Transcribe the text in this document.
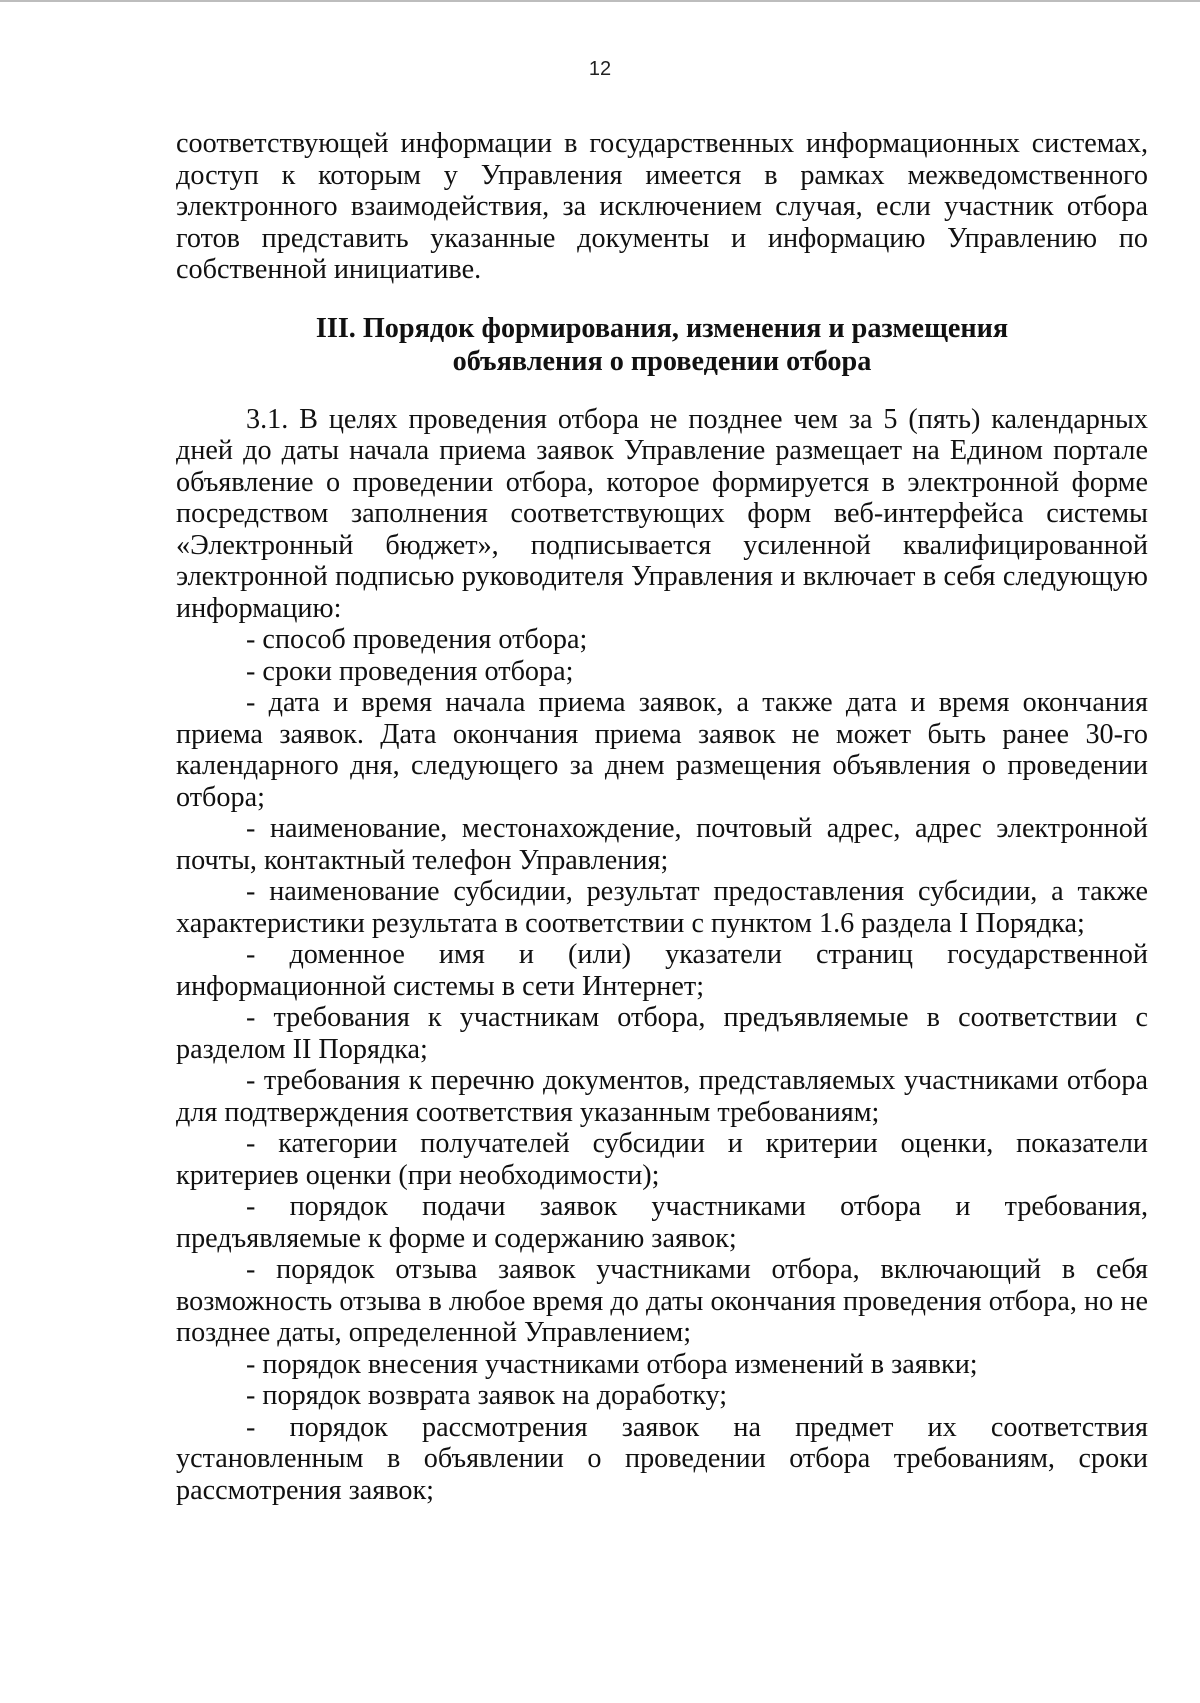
12

соответствующей информации в государственных информационных системах, доступ к которым у Управления имеется в рамках межведомственного электронного взаимодействия, за исключением случая, если участник отбора готов представить указанные документы и информацию Управлению по собственной инициативе.

III. Порядок формирования, изменения и размещения
объявления о проведении отбора

3.1. В целях проведения отбора не позднее чем за 5 (пять) календарных дней до даты начала приема заявок Управление размещает на Едином портале объявление о проведении отбора, которое формируется в электронной форме посредством заполнения соответствующих форм веб-интерфейса системы «Электронный бюджет», подписывается усиленной квалифицированной электронной подписью руководителя Управления и включает в себя следующую информацию:

- способ проведения отбора;

- сроки проведения отбора;

- дата и время начала приема заявок, а также дата и время окончания приема заявок. Дата окончания приема заявок не может быть ранее 30-го календарного дня, следующего за днем размещения объявления о проведении отбора;

- наименование, местонахождение, почтовый адрес, адрес электронной почты, контактный телефон Управления;

- наименование субсидии, результат предоставления субсидии, а также характеристики результата в соответствии с пунктом 1.6 раздела I Порядка;

- доменное имя и (или) указатели страниц государственной информационной системы в сети Интернет;

- требования к участникам отбора, предъявляемые в соответствии с разделом II Порядка;

- требования к перечню документов, представляемых участниками отбора для подтверждения соответствия указанным требованиям;

- категории получателей субсидии и критерии оценки, показатели критериев оценки (при необходимости);

- порядок подачи заявок участниками отбора и требования, предъявляемые к форме и содержанию заявок;

- порядок отзыва заявок участниками отбора, включающий в себя возможность отзыва в любое время до даты окончания проведения отбора, но не позднее даты, определенной Управлением;

- порядок внесения участниками отбора изменений в заявки;

- порядок возврата заявок на доработку;

- порядок рассмотрения заявок на предмет их соответствия установленным в объявлении о проведении отбора требованиям, сроки рассмотрения заявок;
